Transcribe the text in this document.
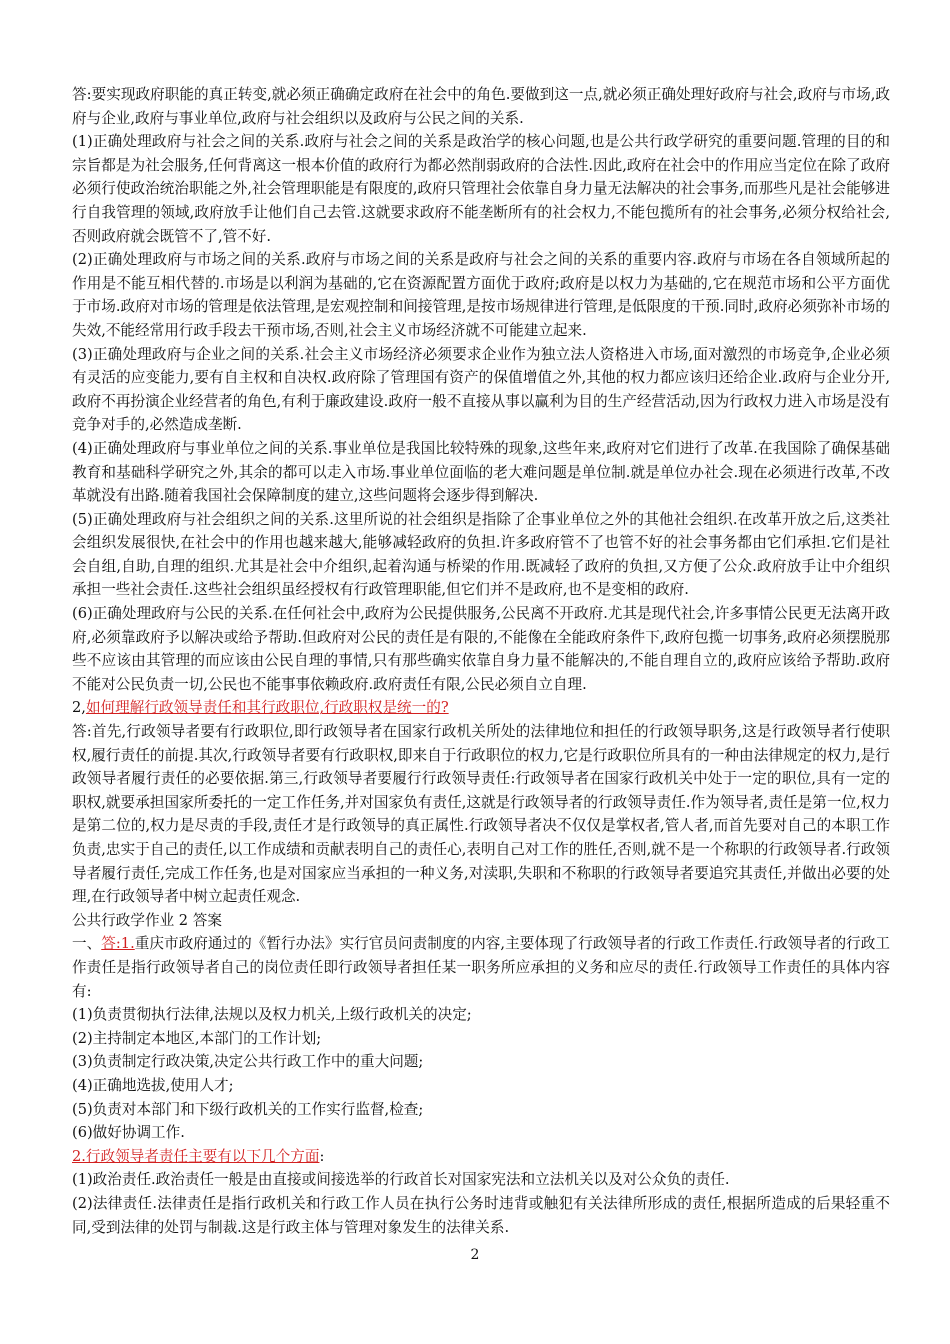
答:要实现政府职能的真正转变,就必须正确确定政府在社会中的角色.要做到这一点,就必须正确处理好政府与社会,政府与市场,政府与企业,政府与事业单位,政府与社会组织以及政府与公民之间的关系.

(1)正确处理政府与社会之间的关系.政府与社会之间的关系是政治学的核心问题,也是公共行政学研究的重要问题.管理的目的和宗旨都是为社会服务,任何背离这一根本价值的政府行为都必然削弱政府的合法性.因此,政府在社会中的作用应当定位在除了政府必须行使政治统治职能之外,社会管理职能是有限度的,政府只管理社会依靠自身力量无法解决的社会事务,而那些凡是社会能够进行自我管理的领域,政府放手让他们自己去管.这就要求政府不能垄断所有的社会权力,不能包揽所有的社会事务,必须分权给社会,否则政府就会既管不了,管不好.

(2)正确处理政府与市场之间的关系.政府与市场之间的关系是政府与社会之间的关系的重要内容.政府与市场在各自领域所起的作用是不能互相代替的.市场是以利润为基础的,它在资源配置方面优于政府;政府是以权力为基础的,它在规范市场和公平方面优于市场.政府对市场的管理是依法管理,是宏观控制和间接管理,是按市场规律进行管理,是低限度的干预.同时,政府必须弥补市场的失效,不能经常用行政手段去干预市场,否则,社会主义市场经济就不可能建立起来.

(3)正确处理政府与企业之间的关系.社会主义市场经济必须要求企业作为独立法人资格进入市场,面对激烈的市场竞争,企业必须有灵活的应变能力,要有自主权和自决权.政府除了管理国有资产的保值增值之外,其他的权力都应该归还给企业.政府与企业分开,政府不再扮演企业经营者的角色,有利于廉政建设.政府一般不直接从事以赢利为目的生产经营活动,因为行政权力进入市场是没有竞争对手的,必然造成垄断.

(4)正确处理政府与事业单位之间的关系.事业单位是我国比较特殊的现象,这些年来,政府对它们进行了改革.在我国除了确保基础教育和基础科学研究之外,其余的都可以走入市场.事业单位面临的老大难问题是单位制.就是单位办社会.现在必须进行改革,不改革就没有出路.随着我国社会保障制度的建立,这些问题将会逐步得到解决.

(5)正确处理政府与社会组织之间的关系.这里所说的社会组织是指除了企事业单位之外的其他社会组织.在改革开放之后,这类社会组织发展很快,在社会中的作用也越来越大,能够减轻政府的负担.许多政府管不了也管不好的社会事务都由它们承担.它们是社会自组,自助,自理的组织.尤其是社会中介组织,起着沟通与桥梁的作用.既减轻了政府的负担,又方便了公众.政府放手让中介组织承担一些社会责任.这些社会组织虽经授权有行政管理职能,但它们并不是政府,也不是变相的政府.

(6)正确处理政府与公民的关系.在任何社会中,政府为公民提供服务,公民离不开政府.尤其是现代社会,许多事情公民更无法离开政府,必须靠政府予以解决或给予帮助.但政府对公民的责任是有限的,不能像在全能政府条件下,政府包揽一切事务,政府必须摆脱那些不应该由其管理的而应该由公民自理的事情,只有那些确实依靠自身力量不能解决的,不能自理自立的,政府应该给予帮助.政府不能对公民负责一切,公民也不能事事依赖政府.政府责任有限,公民必须自立自理.

2,如何理解行政领导责任和其行政职位,行政职权是统一的?

答:首先,行政领导者要有行政职位,即行政领导者在国家行政机关所处的法律地位和担任的行政领导职务,这是行政领导者行使职权,履行责任的前提.其次,行政领导者要有行政职权,即来自于行政职位的权力,它是行政职位所具有的一种由法律规定的权力,是行政领导者履行责任的必要依据.第三,行政领导者要履行行政领导责任:行政领导者在国家行政机关中处于一定的职位,具有一定的职权,就要承担国家所委托的一定工作任务,并对国家负有责任,这就是行政领导者的行政领导责任.作为领导者,责任是第一位,权力是第二位的,权力是尽责的手段,责任才是行政领导的真正属性.行政领导者决不仅仅是掌权者,管人者,而首先要对自己的本职工作负责,忠实于自己的责任,以工作成绩和贡献表明自己的责任心,表明自己对工作的胜任,否则,就不是一个称职的行政领导者.行政领导者履行责任,完成工作任务,也是对国家应当承担的一种义务,对渎职,失职和不称职的行政领导者要追究其责任,并做出必要的处理,在行政领导者中树立起责任观念.

公共行政学作业 2 答案

一、答:1.重庆市政府通过的《暂行办法》实行官员问责制度的内容,主要体现了行政领导者的行政工作责任.行政领导者的行政工作责任是指行政领导者自己的岗位责任即行政领导者担任某一职务所应承担的义务和应尽的责任.行政领导工作责任的具体内容有:

(1)负责贯彻执行法律,法规以及权力机关,上级行政机关的决定;

(2)主持制定本地区,本部门的工作计划;

(3)负责制定行政决策,决定公共行政工作中的重大问题;

(4)正确地选拔,使用人才;

(5)负责对本部门和下级行政机关的工作实行监督,检查;

(6)做好协调工作.

2.行政领导者责任主要有以下几个方面:

(1)政治责任.政治责任一般是由直接或间接选举的行政首长对国家宪法和立法机关以及对公众负的责任.

(2)法律责任.法律责任是指行政机关和行政工作人员在执行公务时违背或触犯有关法律所形成的责任,根据所造成的后果轻重不同,受到法律的处罚与制裁.这是行政主体与管理对象发生的法律关系.

2
